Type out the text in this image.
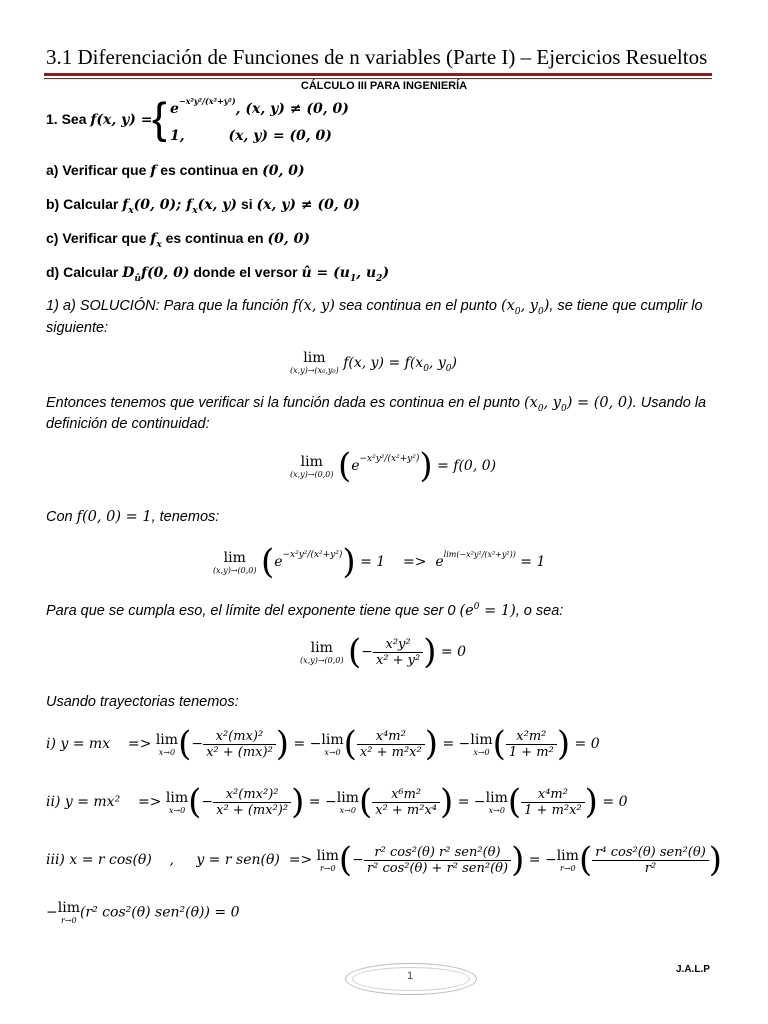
3.1 Diferenciación de Funciones de n variables (Parte I) – Ejercicios Resueltos
CÁLCULO III PARA INGENIERÍA
1. Sea f(x, y) = { $e^{-x^2y^2/(x^2+y^2)}$, (x, y) ≠ (0, 0)
1,         (x, y) = (0, 0)
a) Verificar que f es continua en (0, 0)
b) Calcular $f_x(0$, 0); $f_x(x$, y) si (x, y) ≠ (0, 0)
c) Verificar que $f_x$ es continua en (0, 0)
d) Calcular $D_ûf(0$, 0) donde el versor û = ($u_1$, $u_2$)
1) a) SOLUCIÓN: Para que la función f(x, y) sea continua en el punto ($x_0$, $y_0$), se tiene que cumplir lo
siguiente:
lim
(x,y)→(x₀,y₀) f(x, $y) = f(x_0$, $y_0$)
Entonces tenemos que verificar si la función dada es continua en el punto ($x_0$, $y_0) = (0$, 0). Usando la
definición de continuidad:
lim
(x,y)→(0,0) $(e^{-x^2y^2/(x^2+y^2)}) = f(0$, 0)
Con f(0, 0) = 1, tenemos:
lim
(x,y)→(0,0) $(e^{-x^2y^2/(x^2+y^2)}) = 1$    =>  $e^{lim(-x^2y^2/(x^2+y^2))} = 1$
Para que se cumpla eso, el límite del exponente tiene que ser 0 $(e^0 = 1)$, o sea:
lim
(x,y)→(0,0) (− $\frac{\text{x²y²}}{\text{x² + y²}}$ ) = 0
Usando trayectorias tenemos:
i) y = mx    => lim
x→0 (− $\frac{\text{x²(mx)²}}{\text{x² + (mx)²}}$ ) = − lim
x→0 ( $\frac{\text{x⁴m²}}{\text{x² + m²x²}}$ ) = − lim
x→0 ( $\frac{\text{x²m²}}{\text{1 + m²}}$ ) = 0
ii) y = mx²    => lim
x→0 (− $\frac{\text{x²(mx²)²}}{\text{x² + (mx²)²}}$ ) = − lim
x→0 ( $\frac{\text{x⁶m²}}{\text{x² + m²x⁴}}$ ) = − lim
x→0 ( $\frac{\text{x⁴m²}}{\text{1 + m²x²}}$ ) = 0
iii) x = r cos(θ)    ,     y = r sen(θ)  => lim
r→0 (− $\frac{\text{r² cos²(θ) r² sen²(θ)}}{\text{r² cos²(θ) + r² sen²(θ)}}$ ) = − lim
r→0 ( $\frac{\text{r⁴ cos²(θ) sen²(θ)}}{\text{r²}}$ )
− lim
r→0 (r² cos²(θ) sen²(θ)) = 0
1
J.A.L.P
